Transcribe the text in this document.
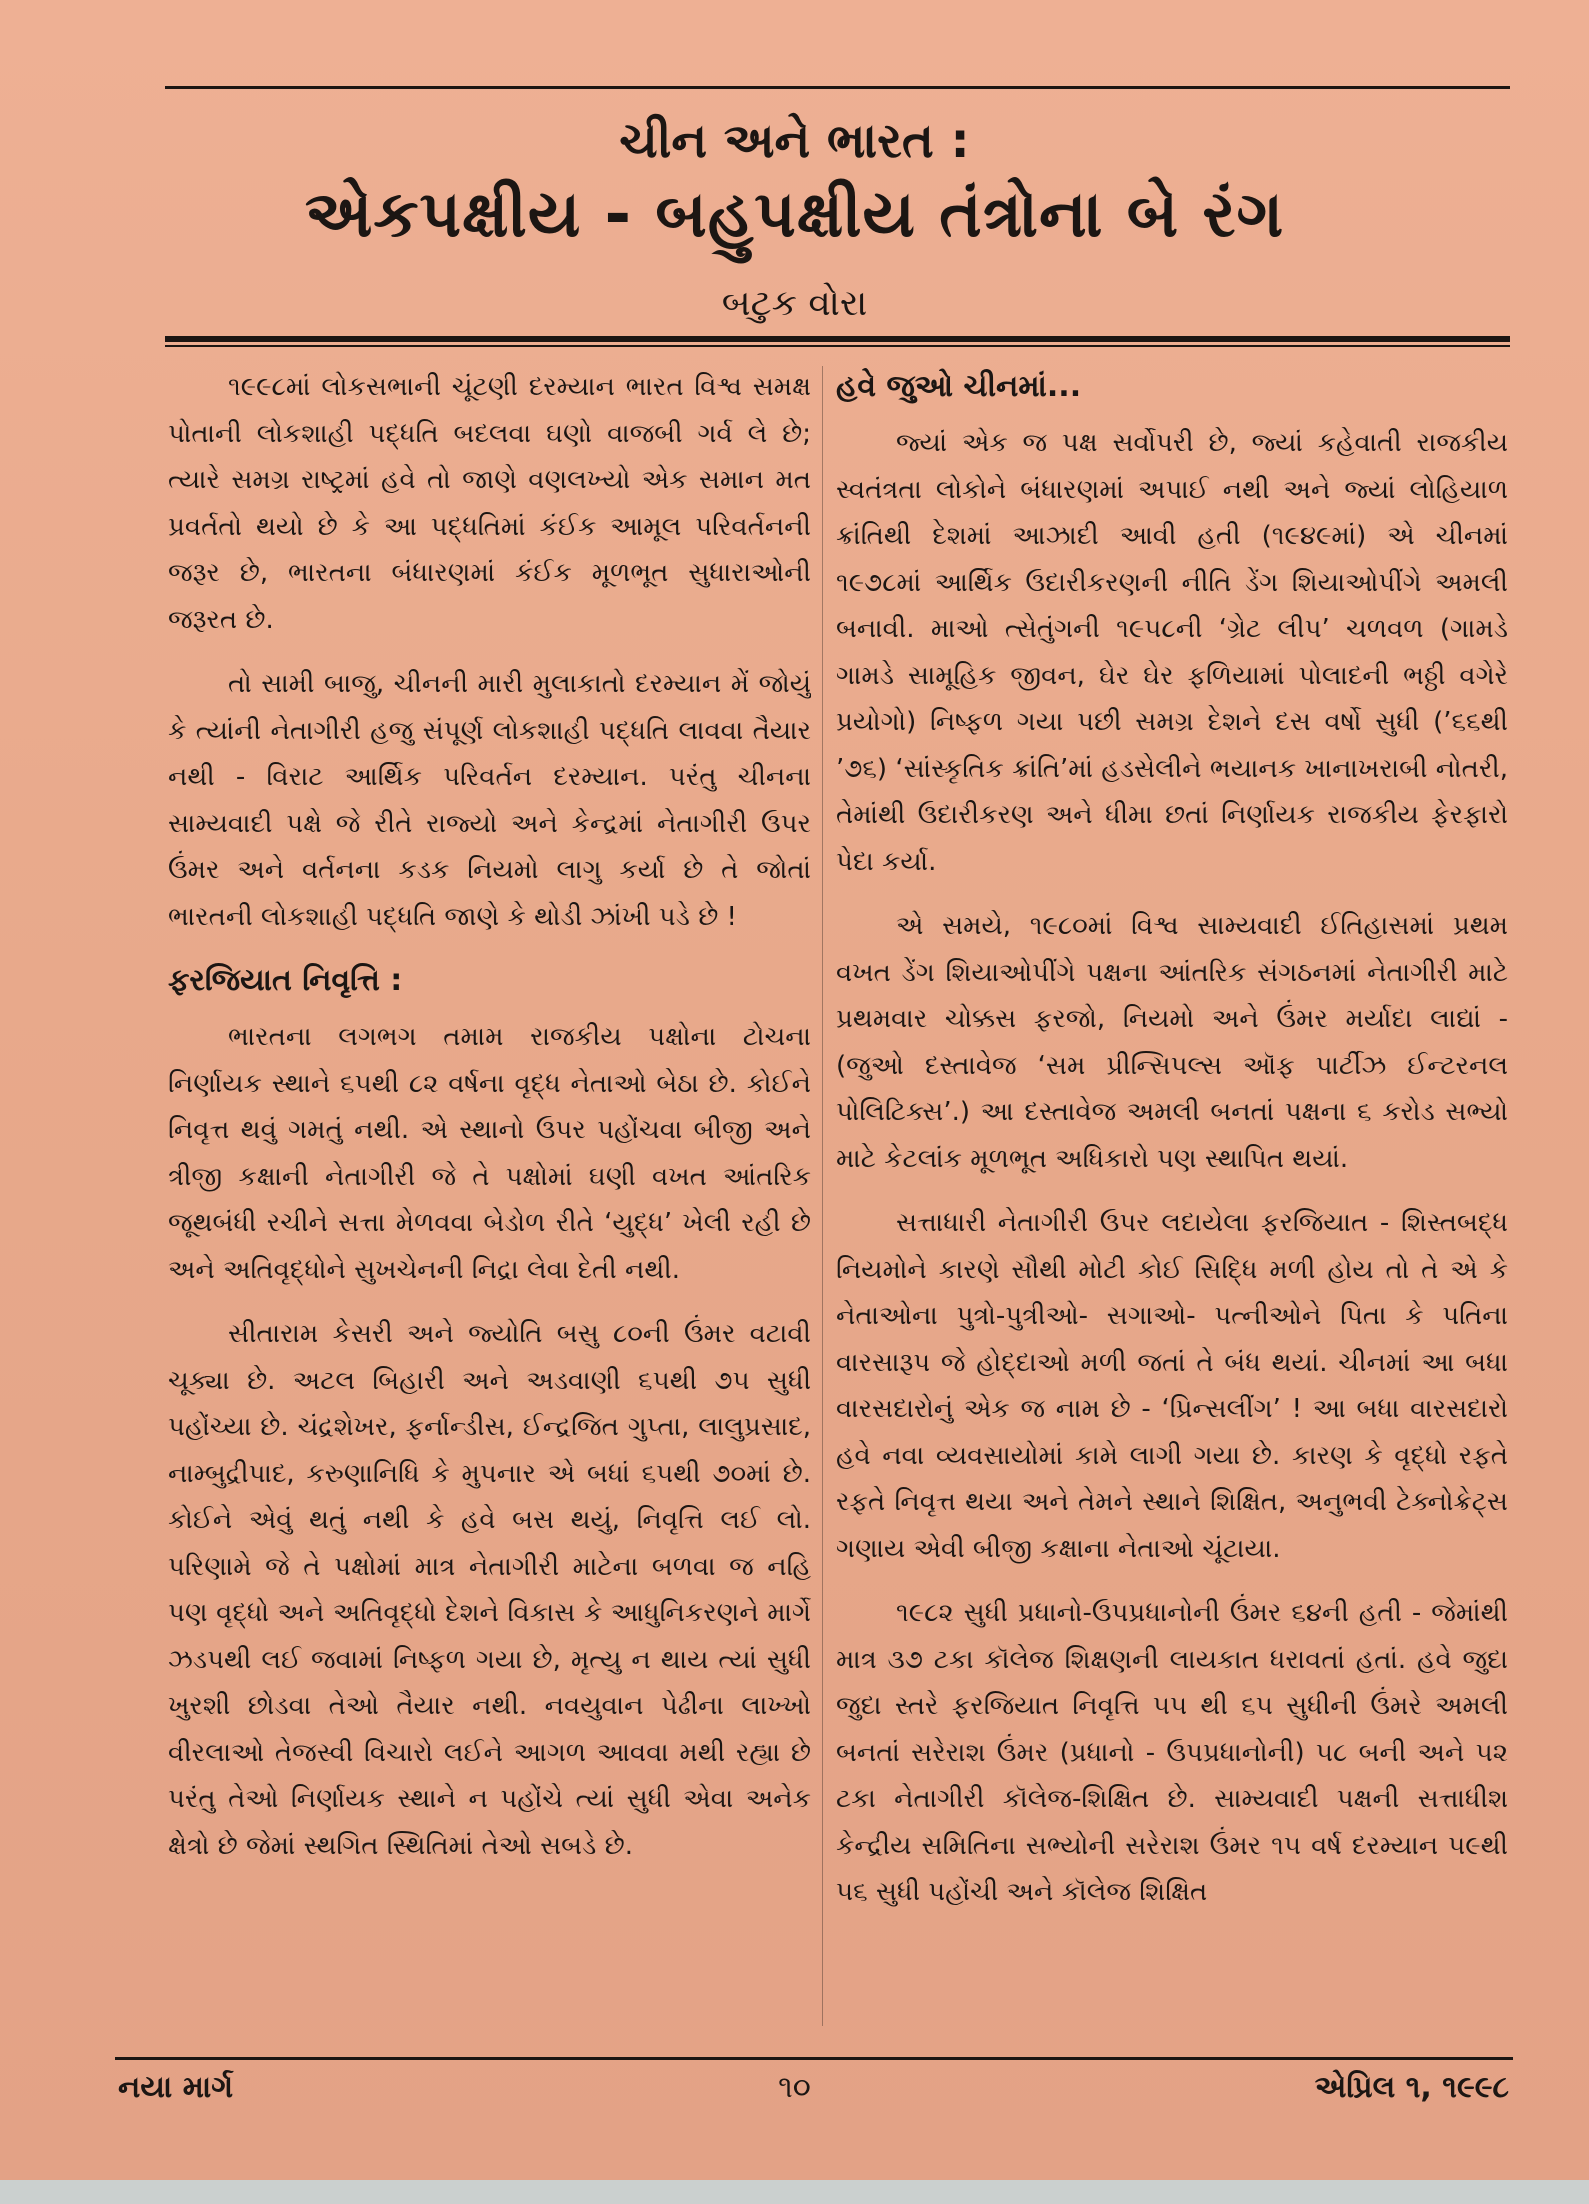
ચીન અને ભારત :
એકપક્ષીય - બહુપક્ષીય તંત્રોના બે રંગ
બટુક વોરા

૧૯૯૮માં લોકસભાની ચૂંટણી દરમ્યાન ભારત વિશ્વ સમક્ષ પોતાની લોકશાહી પદ્ધતિ બદલવા ઘણો વાજબી ગર્વ લે છે; ત્યારે સમગ્ર રાષ્ટ્રમાં હવે તો જાણે વણલખ્યો એક સમાન મત પ્રવર્તતો થયો છે કે આ પદ્ધતિમાં કંઈક આમૂલ પરિવર્તનની જરૂર છે, ભારતના બંધારણમાં કંઈક મૂળભૂત સુધારાઓની જરૂરત છે.

તો સામી બાજુ, ચીનની મારી મુલાકાતો દરમ્યાન મેં જોયું કે ત્યાંની નેતાગીરી હજુ સંપૂર્ણ લોકશાહી પદ્ધતિ લાવવા તૈયાર નથી - વિરાટ આર્થિક પરિવર્તન દરમ્યાન. પરંતુ ચીનના સામ્યવાદી પક્ષે જે રીતે રાજ્યો અને કેન્દ્રમાં નેતાગીરી ઉપર ઉંમર અને વર્તનના કડક નિયમો લાગુ કર્યા છે તે જોતાં ભારતની લોકશાહી પદ્ધતિ જાણે કે થોડી ઝાંખી પડે છે !

ફરજિયાત નિવૃત્તિ :

ભારતના લગભગ તમામ રાજકીય પક્ષોના ટોચના નિર્ણાયક સ્થાને ૬૫થી ૮૨ વર્ષના વૃદ્ધ નેતાઓ બેઠા છે. કોઈને નિવૃત્ત થવું ગમતું નથી. એ સ્થાનો ઉપર પહોંચવા બીજી અને ત્રીજી કક્ષાની નેતાગીરી જે તે પક્ષોમાં ઘણી વખત આંતરિક જૂથબંધી રચીને સત્તા મેળવવા બેડોળ રીતે ‘યુદ્ધ’ ખેલી રહી છે અને અતિવૃદ્ધોને સુખચેનની નિદ્રા લેવા દેતી નથી.

સીતારામ કેસરી અને જ્યોતિ બસુ ૮૦ની ઉંમર વટાવી ચૂક્યા છે. અટલ બિહારી અને અડવાણી ૬૫થી ૭૫ સુધી પહોંચ્યા છે. ચંદ્રશેખર, ફર્નાન્ડીસ, ઈન્દ્રજિત ગુપ્તા, લાલુપ્રસાદ, નામ્બુદ્રીપાદ, કરુણાનિધિ કે મુપનાર એ બધાં ૬૫થી ૭૦માં છે. કોઈને એવું થતું નથી કે હવે બસ થયું, નિવૃત્તિ લઈ લો. પરિણામે જે તે પક્ષોમાં માત્ર નેતાગીરી માટેના બળવા જ નહિ પણ વૃદ્ધો અને અતિવૃદ્ધો દેશને વિકાસ કે આધુનિકરણને માર્ગે ઝડપથી લઈ જવામાં નિષ્ફળ ગયા છે, મૃત્યુ ન થાય ત્યાં સુધી ખુરશી છોડવા તેઓ તૈયાર નથી. નવયુવાન પેઢીના લાખ્ખો વીરલાઓ તેજસ્વી વિચારો લઈને આગળ આવવા મથી રહ્યા છે પરંતુ તેઓ નિર્ણાયક સ્થાને ન પહોંચે ત્યાં સુધી એવા અનેક ક્ષેત્રો છે જેમાં સ્થગિત સ્થિતિમાં તેઓ સબડે છે.

હવે જુઓ ચીનમાં...

જ્યાં એક જ પક્ષ સર્વોપરી છે, જ્યાં કહેવાતી રાજકીય સ્વતંત્રતા લોકોને બંધારણમાં અપાઈ નથી અને જ્યાં લોહિયાળ ક્રાંતિથી દેશમાં આઝાદી આવી હતી (૧૯૪૯માં) એ ચીનમાં ૧૯૭૮માં આર્થિક ઉદારીકરણની નીતિ ડેંગ શિયાઓપીંગે અમલી બનાવી. માઓ ત્સેતુંગની ૧૯૫૮ની ‘ગ્રેટ લીપ’ ચળવળ (ગામડે ગામડે સામૂહિક જીવન, ઘેર ઘેર ફળિયામાં પોલાદની ભઠ્ઠી વગેરે પ્રયોગો) નિષ્ફળ ગયા પછી સમગ્ર દેશને દસ વર્ષો સુધી (’૬૬થી ’૭૬) ‘સાંસ્કૃતિક ક્રાંતિ’માં હડસેલીને ભયાનક ખાનાખરાબી નોતરી, તેમાંથી ઉદારીકરણ અને ધીમા છતાં નિર્ણાયક રાજકીય ફેરફારો પેદા કર્યા.

એ સમયે, ૧૯૮૦માં વિશ્વ સામ્યવાદી ઈતિહાસમાં પ્રથમ વખત ડેંગ શિયાઓપીંગે પક્ષના આંતરિક સંગઠનમાં નેતાગીરી માટે પ્રથમવાર ચોક્કસ ફરજો, નિયમો અને ઉંમર મર્યાદા લાદ્યાં - (જુઓ દસ્તાવેજ ‘સમ પ્રીન્સિપલ્સ ઑફ પાર્ટીઝ ઈન્ટરનલ પોલિટિક્સ’.) આ દસ્તાવેજ અમલી બનતાં પક્ષના ૬ કરોડ સભ્યો માટે કેટલાંક મૂળભૂત અધિકારો પણ સ્થાપિત થયાં.

સત્તાધારી નેતાગીરી ઉપર લદાયેલા ફરજિયાત - શિસ્તબદ્ધ નિયમોને કારણે સૌથી મોટી કોઈ સિદ્ધિ મળી હોય તો તે એ કે નેતાઓના પુત્રો-પુત્રીઓ- સગાઓ- પત્નીઓને પિતા કે પતિના વારસારૂપ જે હોદ્દાઓ મળી જતાં તે બંધ થયાં. ચીનમાં આ બધા વારસદારોનું એક જ નામ છે - ‘પ્રિન્સલીંગ’ ! આ બધા વારસદારો હવે નવા વ્યવસાયોમાં કામે લાગી ગયા છે. કારણ કે વૃદ્ધો રફતે રફતે નિવૃત્ત થયા અને તેમને સ્થાને શિક્ષિત, અનુભવી ટેક્નોક્રેટ્સ ગણાય એવી બીજી કક્ષાના નેતાઓ ચૂંટાયા.

૧૯૮૨ સુધી પ્રધાનો-ઉપપ્રધાનોની ઉંમર ૬૪ની હતી - જેમાંથી માત્ર ૩૭ ટકા કૉલેજ શિક્ષણની લાયકાત ધરાવતાં હતાં. હવે જુદા જુદા સ્તરે ફરજિયાત નિવૃત્તિ ૫૫ થી ૬૫ સુધીની ઉંમરે અમલી બનતાં સરેરાશ ઉંમર (પ્રધાનો - ઉપપ્રધાનોની) ૫૮ બની અને ૫૨ ટકા નેતાગીરી કૉલેજ-શિક્ષિત છે. સામ્યવાદી પક્ષની સત્તાધીશ કેન્દ્રીય સમિતિના સભ્યોની સરેરાશ ઉંમર ૧૫ વર્ષ દરમ્યાન ૫૯થી ૫૬ સુધી પહોંચી અને કૉલેજ શિક્ષિત

નયા માર્ગ	૧૦	એપ્રિલ ૧, ૧૯૯૮
